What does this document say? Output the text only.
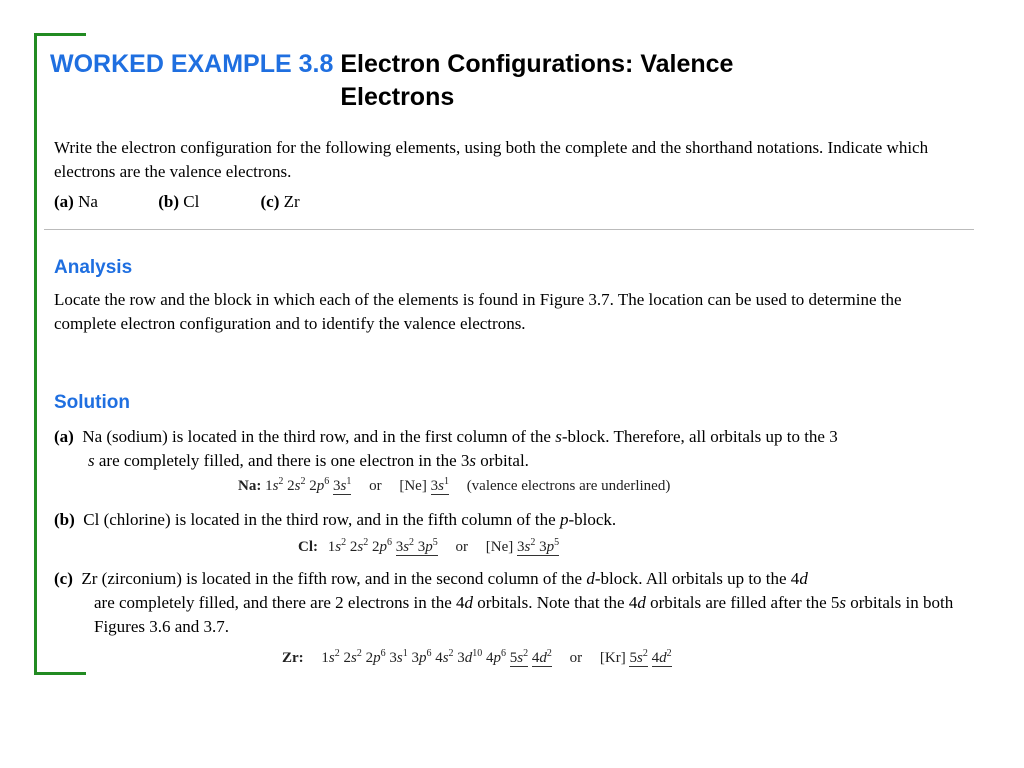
WORKED EXAMPLE 3.8 Electron Configurations: Valence Electrons
Write the electron configuration for the following elements, using both the complete and the shorthand notations. Indicate which electrons are the valence electrons.
(a) Na	(b) Cl	(c) Zr
Analysis
Locate the row and the block in which each of the elements is found in Figure 3.7. The location can be used to determine the complete electron configuration and to identify the valence electrons.
Solution
(a) Na (sodium) is located in the third row, and in the first column of the s-block. Therefore, all orbitals up to the 3
s are completely filled, and there is one electron in the 3s orbital.
Na: $1s^2$ $2s^2$ $2p^6$ $3s^1$ or [Ne] $3s^1$ (valence electrons are underlined)
(b) Cl (chlorine) is located in the third row, and in the fifth column of the p-block.
Cl: $1s^2$ $2s^2$ $2p^6$ $3s^2$ $3p^5$ or [Ne] $3s^2$ $3p^5$
(c) Zr (zirconium) is located in the fifth row, and in the second column of the d-block. All orbitals up to the 4d
are completely filled, and there are 2 electrons in the 4d orbitals. Note that the 4d orbitals are filled after the 5s orbitals in both Figures 3.6 and 3.7.
Zr: $1s^2$ $2s^2$ $2p^6$ $3s^1$ $3p^6$ $4s^2$ $3d^{10}$ $4p^6$ $5s^2$ $4d^2$ or [Kr] $5s^2$ $4d^2$
